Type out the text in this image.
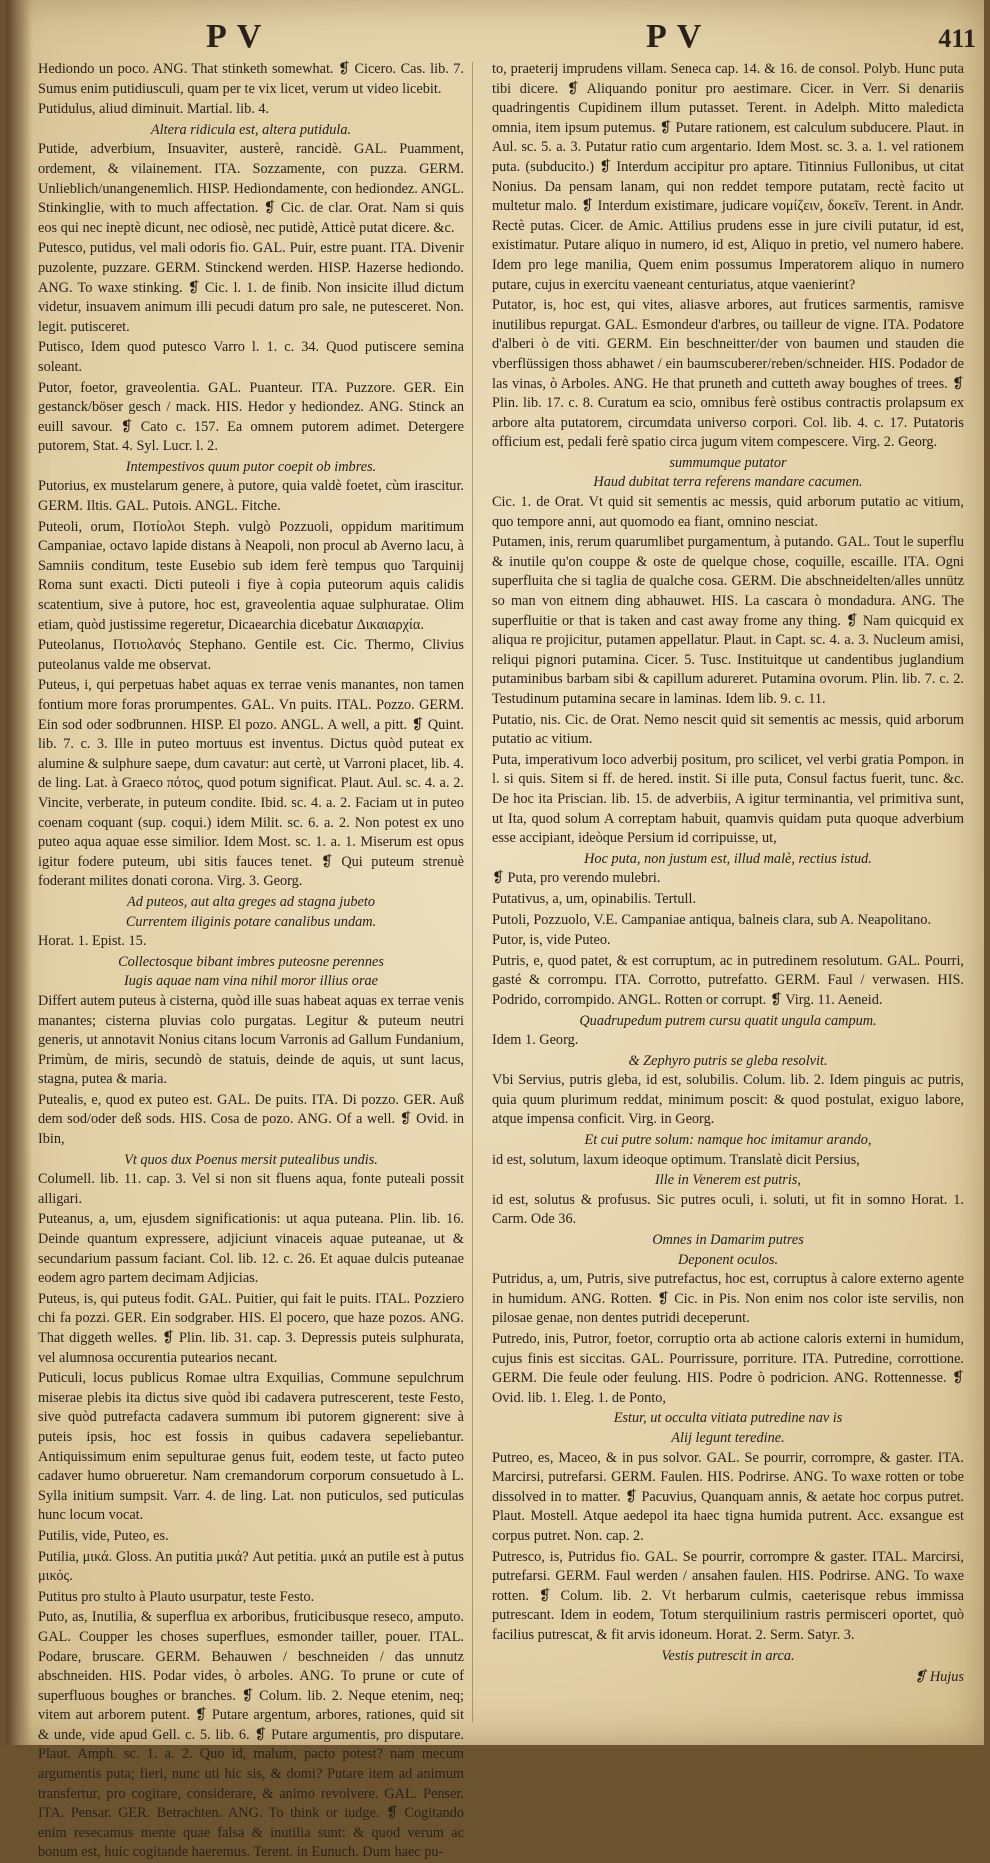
PV	PV	411
Hediondo un poco. ANG. That stinketh somewhat. ❡ Cicero. Cas. lib. 7. Sumus enim putidiusculi, quam per te vix licet, verum ut video licebit.
Putidulus, aliud diminuit. Martial. lib. 4.
Altera ridicula est, altera putidula.
Putide, adverbium, Insuaviter, austerè, rancidè. GAL. Puamment, ordement, & vilainement. ITA. Sozzamente, con puzza. GERM. Unlieblich/unangenemlich. HISP. Hediondamente, con hediondez. ANGL. Stinkinglie, with to much affectation. ❡ Cic. de clar. Orat. Nam si quis eos qui nec ineptè dicunt, nec odiosè, nec putidè, Atticè putat dicere. &c.
Putesco, putidus, vel mali odoris fio. GAL. Puir, estre puant. ITA. Divenir puzolente, puzzare. GERM. Stinckend werden. HISP. Hazerse hediondo. ANG. To waxe stinking. ❡ Cic. l. 1. de finib. Non insicite illud dictum videtur, insuavem animum illi pecudi datum pro sale, ne putesceret. Non. legit. putisceret.
Putisco, Idem quod putesco Varro l. 1. c. 34. Quod putiscere semina soleant.
Putor, foetor, graveolentia. GAL. Puanteur. ITA. Puzzore. GER. Ein gestanck/böser gesch / mack. HIS. Hedor y hediondez. ANG. Stinck an euill savour. ❡ Cato c. 157. Ea omnem putorem adimet. Detergere putorem, Stat. 4. Syl. Lucr. l. 2.
Intempestivos quum putor coepit ob imbres.
Putorius, ex mustelarum genere, à putore, quia valdè foetet, cùm irascitur. GERM. Iltis. GAL. Putois. ANGL. Fitche.
Puteoli, orum, Ποτίολοι Steph. vulgò Pozzuoli, oppidum maritimum Campaniae, octavo lapide distans à Neapoli, non procul ab Averno lacu, à Samniis conditum, teste Eusebio sub idem ferè tempus quo Tarquinij Roma sunt exacti. Dicti puteoli i fiye à copia puteorum aquis calidis scatentium, sive à putore, hoc est, graveolentia aquae sulphuratae. Olim etiam, quòd justissime regeretur, Dicaearchia dicebatur Δικαιαρχία.
Puteolanus, Ποτιολανός Stephano. Gentile est. Cic. Thermo, Clivius puteolanus valde me observat.
Puteus, i, qui perpetuas habet aquas ex terrae venis manantes, non tamen fontium more foras prorumpentes. GAL. Vn puits. ITAL. Pozzo. GERM. Ein sod oder sodbrunnen. HISP. El pozo. ANGL. A well, a pitt. ❡ Quint. lib. 7. c. 3. Ille in puteo mortuus est inventus. Dictus quòd puteat ex alumine & sulphure saepe, dum cavatur: aut certè, ut Varroni placet, lib. 4. de ling. Lat. à Graeco πότος, quod potum significat. Plaut. Aul. sc. 4. a. 2. Vincite, verberate, in puteum condite. Ibid. sc. 4. a. 2. Faciam ut in puteo coenam coquant (sup. coqui.) idem Milit. sc. 6. a. 2. Non potest ex uno puteo aqua aquae esse similior. Idem Most. sc. 1. a. 1. Miserum est opus igitur fodere puteum, ubi sitis fauces tenet. ❡ Qui puteum strenuè foderant milites donati corona. Virg. 3. Georg.
Ad puteos, aut alta greges ad stagna jubeto
Currentem iliginis potare canalibus undam.
Horat. 1. Epist. 15.
Collectosque bibant imbres puteosne perennes
Iugis aquae nam vina nihil moror illius orae
Differt autem puteus à cisterna, quòd ille suas habeat aquas ex terrae venis manantes; cisterna pluvias colo purgatas. Legitur & puteum neutri generis, ut annotavit Nonius citans locum Varronis ad Gallum Fundanium, Primùm, de miris, secundò de statuis, deinde de aquis, ut sunt lacus, stagna, putea & maria.
Putealis, e, quod ex puteo est. GAL. De puits. ITA. Di pozzo. GER. Auß dem sod/oder deß sods. HIS. Cosa de pozo. ANG. Of a well. ❡ Ovid. in Ibin,
Vt quos dux Poenus mersit putealibus undis.
Columell. lib. 11. cap. 3. Vel si non sit fluens aqua, fonte puteali possit alligari.
Puteanus, a, um, ejusdem significationis: ut aqua puteana. Plin. lib. 16. Deinde quantum expressere, adjiciunt vinaceis aquae puteanae, ut & secundarium passum faciant. Col. lib. 12. c. 26. Et aquae dulcis puteanae eodem agro partem decimam Adjicias.
Puteus, is, qui puteus fodit. GAL. Puitier, qui fait le puits. ITAL. Pozziero chi fa pozzi. GER. Ein sodgraber. HIS. El pocero, que haze pozos. ANG. That diggeth welles. ❡ Plin. lib. 31. cap. 3. Depressis puteis sulphurata, vel alumnosa occurentia putearios necant.
Puticuli, locus publicus Romae ultra Exquilias, Commune sepulchrum miserae plebis ita dictus sive quòd ibi cadavera putrescerent, teste Festo, sive quòd putrefacta cadavera summum ibi putorem gignerent: sive à puteis ipsis, hoc est fossis in quibus cadavera sepeliebantur. Antiquissimum enim sepulturae genus fuit, eodem teste, ut facto puteo cadaver humo obrueretur. Nam cremandorum corporum consuetudo à L. Sylla initium sumpsit. Varr. 4. de ling. Lat. non puticulos, sed puticulas hunc locum vocat.
Putilis, vide, Puteo, es.
Putilia, μικά. Gloss. An putitia μικά? Aut petitia. μικά an putile est à putus μικός.
Putitus pro stulto à Plauto usurpatur, teste Festo.
Puto, as, Inutilia, & superflua ex arboribus, fruticibusque reseco, amputo. GAL. Coupper les choses superflues, esmonder tailler, pouer. ITAL. Podare, bruscare. GERM. Behauwen / beschneiden / das unnutz abschneiden. HIS. Podar vides, ò arboles. ANG. To prune or cute of superfluous boughes or branches. ❡ Colum. lib. 2. Neque etenim, neq; vitem aut arborem putent. ❡ Putare argentum, arbores, rationes, quid sit & unde, vide apud Gell. c. 5. lib. 6. ❡ Putare argumentis, pro disputare. Plaut. Amph. sc. 1. a. 2. Quo id, malum, pacto potest? nam mecum argumentis puta; fieri, nunc uti hic sis, & domi? Putare item ad animum transfertur, pro cogitare, considerare, & animo revolvere. GAL. Penser. ITA. Pensar. GER. Betrachten. ANG. To think or iudge. ❡ Cogitando enim resecamus mente quae falsa & inutilia sunt: & quod verum ac bonum est, huic cogitande haeremus. Terent. in Eunuch. Dum haec pu-
to, praeterij imprudens villam. Seneca cap. 14. & 16. de consol. Polyb. Hunc puta tibi dicere. ❡ Aliquando ponitur pro aestimare. Cicer. in Verr. Si denariis quadringentis Cupidinem illum putasset. Terent. in Adelph. Mitto maledicta omnia, item ipsum putemus. ❡ Putare rationem, est calculum subducere. Plaut. in Aul. sc. 5. a. 3. Putatur ratio cum argentario. Idem Most. sc. 3. a. 1. vel rationem puta. (subducito.) ❡ Interdum accipitur pro aptare. Titinnius Fullonibus, ut citat Nonius. Da pensam lanam, qui non reddet tempore putatam, rectè facito ut multetur malo. ❡ Interdum existimare, judicare νομίζειν, δοκεῖν. Terent. in Andr. Rectè putas. Cicer. de Amic. Attilius prudens esse in jure civili putatur, id est, existimatur. Putare aliquo in numero, id est, Aliquo in pretio, vel numero habere. Idem pro lege manilia, Quem enim possumus Imperatorem aliquo in numero putare, cujus in exercitu vaeneant centuriatus, atque vaenierint?
Putator, is, hoc est, qui vites, aliasve arbores, aut frutices sarmentis, ramisve inutilibus repurgat. GAL. Esmondeur d'arbres, ou tailleur de vigne. ITA. Podatore d'alberi ò de viti. GERM. Ein beschneitter/der von baumen und stauden die vberflüssigen thoss abhawet / ein baumscuberer/reben/schneider. HIS. Podador de las vinas, ò Arboles. ANG. He that pruneth and cutteth away boughes of trees. ❡ Plin. lib. 17. c. 8. Curatum ea scio, omnibus ferè ostibus contractis prolapsum ex arbore alta putatorem, circumdata universo corpori. Col. lib. 4. c. 17. Putatoris officium est, pedali ferè spatio circa jugum vitem compescere. Virg. 2. Georg.
summumque putator
Haud dubitat terra referens mandare cacumen.
Cic. 1. de Orat. Vt quid sit sementis ac messis, quid arborum putatio ac vitium, quo tempore anni, aut quomodo ea fiant, omnino nesciat.
Putamen, inis, rerum quarumlibet purgamentum, à putando. GAL. Tout le superflu & inutile qu'on couppe & oste de quelque chose, coquille, escaille. ITA. Ogni superfluita che si taglia de qualche cosa. GERM. Die abschneidelten/alles unnütz so man von eitnem ding abhauwet. HIS. La cascara ò mondadura. ANG. The superfluitie or that is taken and cast away frome any thing. ❡ Nam quicquid ex aliqua re projicitur, putamen appellatur. Plaut. in Capt. sc. 4. a. 3. Nucleum amisi, reliqui pignori putamina. Cicer. 5. Tusc. Instituitque ut candentibus juglandium putaminibus barbam sibi & capillum adureret. Putamina ovorum. Plin. lib. 7. c. 2. Testudinum putamina secare in laminas. Idem lib. 9. c. 11.
Putatio, nis. Cic. de Orat. Nemo nescit quid sit sementis ac messis, quid arborum putatio ac vitium.
Puta, imperativum loco adverbij positum, pro scilicet, vel verbi gratia Pompon. in l. si quis. Sitem si ff. de hered. instit. Si ille puta, Consul factus fuerit, tunc. &c. De hoc ita Priscian. lib. 15. de adverbiis, A igitur terminantia, vel primitiva sunt, ut Ita, quod solum A correptam habuit, quamvis quidam puta quoque adverbium esse accipiant, ideòque Persium id corripuisse, ut,
Hoc puta, non justum est, illud malè, rectius istud.
❡ Puta, pro verendo mulebri.
Putativus, a, um, opinabilis. Tertull.
Putoli, Pozzuolo, V.E. Campaniae antiqua, balneis clara, sub A. Neapolitano.
Putor, is, vide Puteo.
Putris, e, quod patet, & est corruptum, ac in putredinem resolutum. GAL. Pourri, gasté & corrompu. ITA. Corrotto, putrefatto. GERM. Faul / verwasen. HIS. Podrido, corrompido. ANGL. Rotten or corrupt. ❡ Virg. 11. Aeneid.
Quadrupedum putrem cursu quatit ungula campum.
Idem 1. Georg.
& Zephyro putris se gleba resolvit.
Vbi Servius, putris gleba, id est, solubilis. Colum. lib. 2. Idem pinguis ac putris, quia quum plurimum reddat, minimum poscit: & quod postulat, exiguo labore, atque impensa conficit. Virg. in Georg.
Et cui putre solum: namque hoc imitamur arando,
id est, solutum, laxum ideoque optimum. Translatè dicit Persius,
Ille in Venerem est putris,
id est, solutus & profusus. Sic putres oculi, i. soluti, ut fit in somno Horat. 1. Carm. Ode 36.
Omnes in Damarim putres
Deponent oculos.
Putridus, a, um, Putris, sive putrefactus, hoc est, corruptus à calore externo agente in humidum. ANG. Rotten. ❡ Cic. in Pis. Non enim nos color iste servilis, non pilosae genae, non dentes putridi deceperunt.
Putredo, inis, Putror, foetor, corruptio orta ab actione caloris externi in humidum, cujus finis est siccitas. GAL. Pourrissure, porriture. ITA. Putredine, corrottione. GERM. Die feule oder feulung. HIS. Podre ò podricion. ANG. Rottennesse. ❡ Ovid. lib. 1. Eleg. 1. de Ponto,
Estur, ut occulta vitiata putredine nav is
Alij legunt teredine.
Putreo, es, Maceo, & in pus solvor. GAL. Se pourrir, corrompre, & gaster. ITA. Marcirsi, putrefarsi. GERM. Faulen. HIS. Podrirse. ANG. To waxe rotten or tobe dissolved in to matter. ❡ Pacuvius, Quanquam annis, & aetate hoc corpus putret. Plaut. Mostell. Atque aedepol ita haec tigna humida putrent. Acc. exsangue est corpus putret. Non. cap. 2.
Putresco, is, Putridus fio. GAL. Se pourrir, corrompre & gaster. ITAL. Marcirsi, putrefarsi. GERM. Faul werden / ansahen faulen. HIS. Podrirse. ANG. To waxe rotten. ❡ Colum. lib. 2. Vt herbarum culmis, caeterisque rebus immissa putrescant. Idem in eodem, Totum sterquilinium rastris permisceri oportet, quò facilius putrescat, & fit arvis idoneum. Horat. 2. Serm. Satyr. 3.
Vestis putrescit in arca.
❡ Hujus
